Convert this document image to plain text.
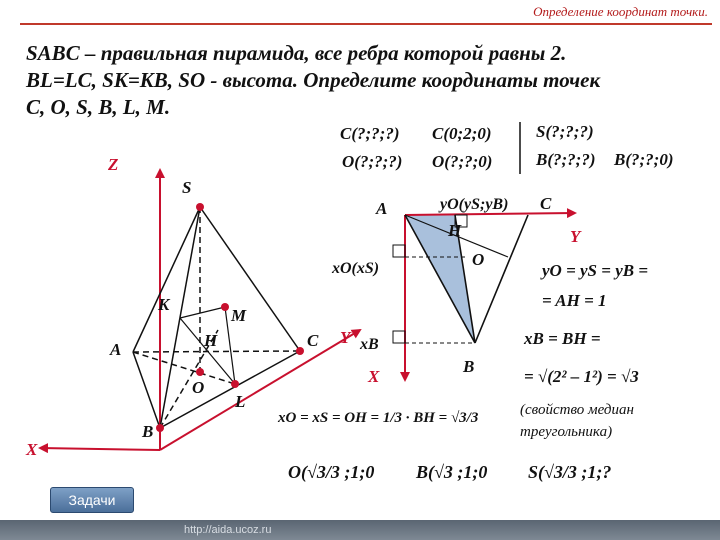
Определение координат точки.
SABC – правильная пирамида, все ребра которой равны 2.
BL=LC, SK=KB, SO - высота. Определите координаты точек
C, O, S, B, L, M.
C(?;?;?) C(0;2;0)
O(?;?;?) O(?;?;0)
S(?;?;?)
B(?;?;?) B(?;?;0)
Z
S
K
M
A	H	C Y
O
L
B
X
A	C
Y
H
O
B
X
yO(yS;yB)
xO(xS)
xB
yO = yS = yB =
= AH = 1
xB = BH =
= √(2² – 1²) = √3
xO = xS = OH = 1/3 · BH = √3/3	(свойство медиан
треугольника)
O(√3/3 ;1;0 B(√3 ;1;0 S(√3/3 ;1;?
Задачи
http://aida.ucoz.ru
